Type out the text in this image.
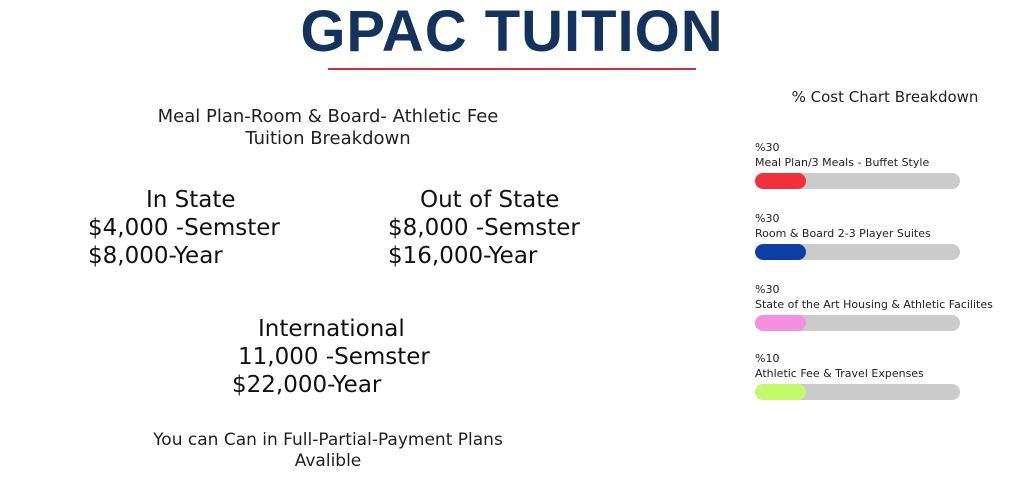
GPAC TUITION
Meal Plan-Room & Board- Athletic Fee
Tuition Breakdown
In State
$4,000 -Semster
$8,000-Year
Out of State
$8,000 -Semster
$16,000-Year
International
11,000 -Semster
$22,000-Year
You can Can in Full-Partial-Payment Plans
Avalible
% Cost Chart Breakdown
%30
Meal Plan/3 Meals - Buffet Style
%30
Room & Board 2-3 Player Suites
%30
State of the Art Housing & Athletic Facilites
%10
Athletic Fee & Travel Expenses
